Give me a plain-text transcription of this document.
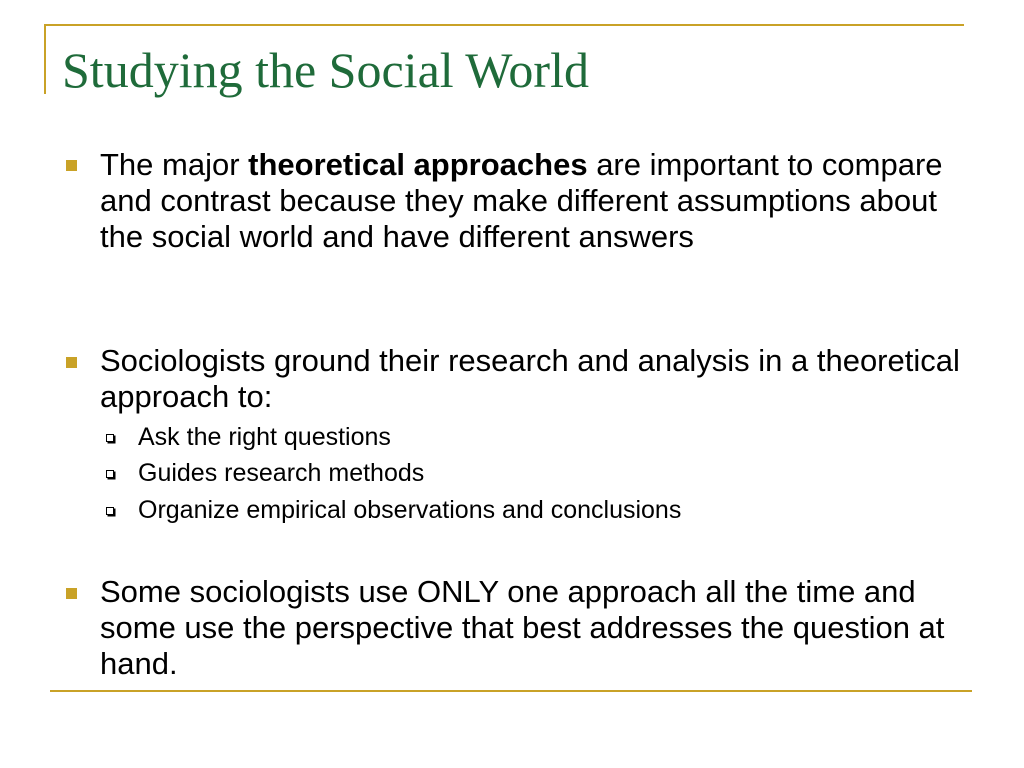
Studying the Social World
The major theoretical approaches are important to compare and contrast because they make different assumptions about the social world and have different answers
Sociologists ground their research and analysis in a theoretical approach to:
Ask the right questions
Guides research methods
Organize empirical observations and conclusions
Some sociologists use ONLY one approach all the time and some use the perspective that best addresses the question at hand.
